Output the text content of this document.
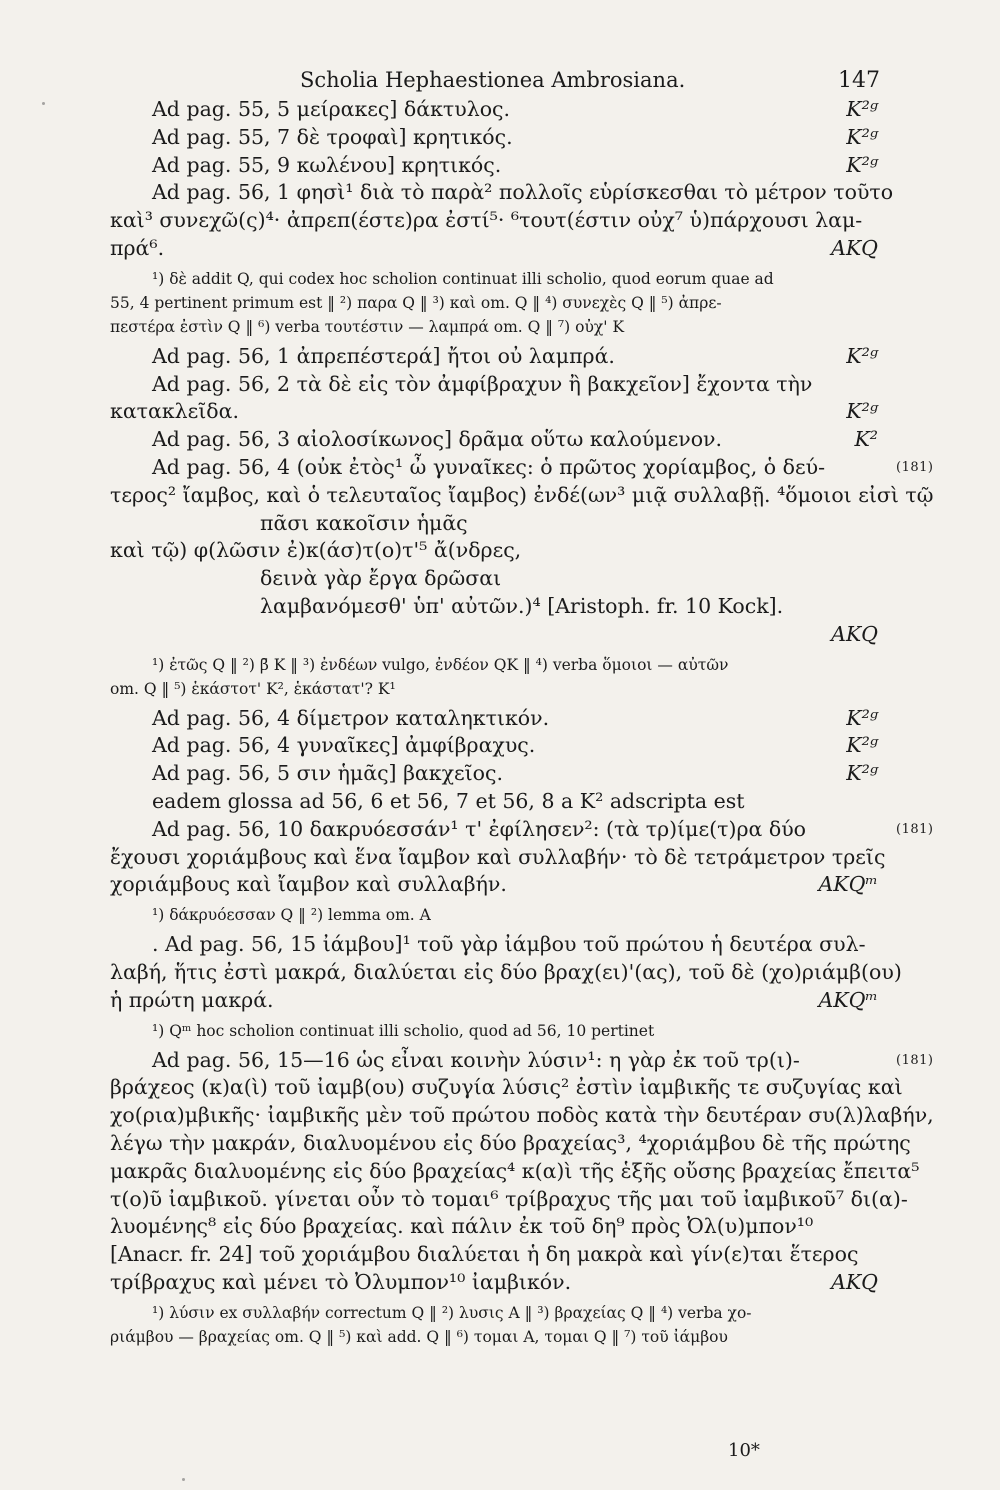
Scholia Hephaestionea Ambrosiana.	147
Ad pag. 55, 5 μείρακες] δάκτυλος.	K²ᵍ
Ad pag. 55, 7 δὲ τροφαὶ] κρητικός.	K²ᵍ
Ad pag. 55, 9 κωλένου] κρητικός.	K²ᵍ
Ad pag. 56, 1 φησὶ¹ διὰ τὸ παρὰ² πολλοῖς εὑρίσκεσθαι τὸ μέτρον τοῦτο
καὶ³ συνεχῶ(ς)⁴· ἀπρεπ(έστε)ρα ἐστί⁵· ⁶τουτ(έστιν οὐχ⁷ ὑ)πάρχουσι λαμ-
πρά⁶.	AKQ
¹) δὲ addit Q, qui codex hoc scholion continuat illi scholio, quod eorum quae ad
55, 4 pertinent primum est ‖ ²) παρα Q ‖ ³) καὶ om. Q ‖ ⁴) συνεχὲς Q ‖ ⁵) ἀπρε-
πεστέρα ἐστὶν Q ‖ ⁶) verba τουτέστιν — λαμπρά om. Q ‖ ⁷) οὐχ' K
Ad pag. 56, 1 ἀπρεπέστερά] ἤτοι οὐ λαμπρά.	K²ᵍ
Ad pag. 56, 2 τὰ δὲ εἰς τὸν ἀμφίβραχυν ἢ βακχεῖον] ἔχοντα τὴν
κατακλεῖδα.	K²ᵍ
Ad pag. 56, 3 αἰολοσίκωνος] δρᾶμα οὕτω καλούμενον.	K²
Ad pag. 56, 4 (οὐκ ἐτὸς¹ ὦ γυναῖκες: ὁ πρῶτος χορίαμβος, ὁ δεύ-	(181)
τερος² ἴαμβος, καὶ ὁ τελευταῖος ἴαμβος) ἐνδέ(ων³ μιᾷ συλλαβῇ. ⁴ὅμοιοι εἰσὶ τῷ
πᾶσι κακοῖσιν ἡμᾶς
καὶ τῷ) φ(λῶσιν ἐ)κ(άσ)τ(ο)τ'⁵ ἄ(νδρες,
δεινὰ γὰρ ἔργα δρῶσαι
λαμβανόμεσθ' ὑπ' αὐτῶν.)⁴ [Aristoph. fr. 10 Kock].
AKQ
¹) ἐτῶς Q ‖ ²) β̄ K ‖ ³) ἐνδέων vulgo, ἐνδέον QK ‖ ⁴) verba ὅμοιοι — αὐτῶν
om. Q ‖ ⁵) ἑκάστοτ' K², ἑκάστατ'? K¹
Ad pag. 56, 4 δίμετρον καταληκτικόν.	K²ᵍ
Ad pag. 56, 4 γυναῖκες] ἀμφίβραχυς.	K²ᵍ
Ad pag. 56, 5 σιν ἡμᾶς] βακχεῖος.	K²ᵍ
eadem glossa ad 56, 6 et 56, 7 et 56, 8 a K² adscripta est
Ad pag. 56, 10 δακρυόεσσάν¹ τ' ἐφίλησεν²: (τὰ τρ)ίμε(τ)ρα δύο	(181)
ἔχουσι χοριάμβους καὶ ἕνα ἴαμβον καὶ συλλαβήν· τὸ δὲ τετράμετρον τρεῖς
χοριάμβους καὶ ἴαμβον καὶ συλλαβήν.	AKQᵐ
¹) δάκρυόεσσαν Q ‖ ²) lemma om. A
. Ad pag. 56, 15 ἰάμβου]¹ τοῦ γὰρ ἰάμβου τοῦ πρώτου ἡ δευτέρα συλ-
λαβή, ἥτις ἐστὶ μακρά, διαλύεται εἰς δύο βραχ(ει)'(ας), τοῦ δὲ (χο)ριάμβ(ου)
ἡ πρώτη μακρά.	AKQᵐ
¹) Qᵐ hoc scholion continuat illi scholio, quod ad 56, 10 pertinet
Ad pag. 56, 15—16 ὡς εἶναι κοινὴν λύσιν¹: η γὰρ ἐκ τοῦ τρ(ι)-	(181)
βράχεος (κ)α(ὶ) τοῦ ἰαμβ(ου) συζυγία λύσις² ἐστὶν ἰαμβικῆς τε συζυγίας καὶ
χο(ρια)μβικῆς· ἰαμβικῆς μὲν τοῦ πρώτου ποδὸς κατὰ τὴν δευτέραν συ(λ)λαβήν,
λέγω τὴν μακράν, διαλυομένου εἰς δύο βραχείας³, ⁴χοριάμβου δὲ τῆς πρώτης
μακρᾶς διαλυομένης εἰς δύο βραχείας⁴ κ(α)ὶ τῆς ἑξῆς οὔσης βραχείας ἔπειτα⁵
τ(ο)ῦ ἰαμβικοῦ. γίνεται οὖν τὸ τομαι⁶ τρίβραχυς τῆς μαι τοῦ ἰαμβικοῦ⁷ δι(α)-
λυομένης⁸ εἰς δύο βραχείας. καὶ πάλιν ἐκ τοῦ δη⁹ πρὸς Ὀλ(υ)μπον¹⁰
[Anacr. fr. 24] τοῦ χοριάμβου διαλύεται ἡ δη μακρὰ καὶ γίν(ε)ται ἕτερος
τρίβραχυς καὶ μένει τὸ Ὀλυμπον¹⁰ ἰαμβικόν.	AKQ
¹) λύσιν ex συλλαβήν correctum Q ‖ ²) λυσις A ‖ ³) βραχείας Q ‖ ⁴) verba χο-
ριάμβου — βραχείας om. Q ‖ ⁵) καὶ add. Q ‖ ⁶) τομαι A, τομαι Q ‖ ⁷) τοῦ ἰάμβου
10*
